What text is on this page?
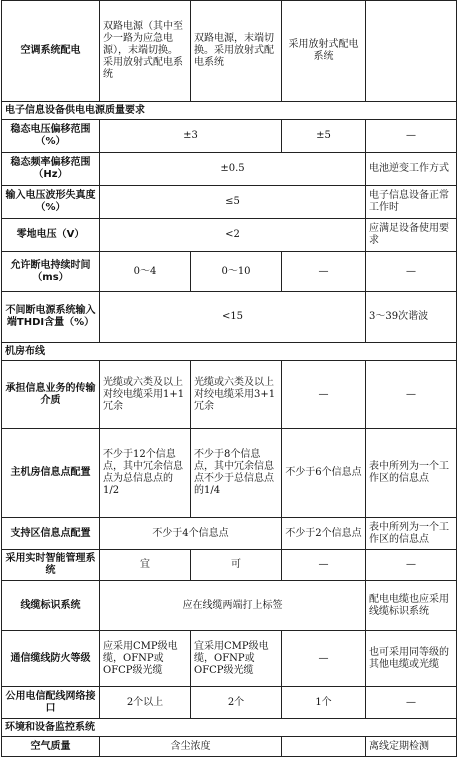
空调系统配电	双路电源（其中至少一路为应急电源），末端切换。采用放射式配电系统	双路电源，末端切换。采用放射式配电系统	采用放射式配电系统	
电子信息设备供电电源质量要求				
稳态电压偏移范围（%）	±3		±5	—
稳态频率偏移范围（Hz）	±0.5			电池逆变工作方式
输入电压波形失真度（%）	≤5			电子信息设备正常工作时
零地电压（V）	<2			应满足设备使用要求
允许断电持续时间（ms）	0～4	0～10	—	—
不间断电源系统输入端THDI含量（%）	<15			3～39次谐波
机房布线				
承担信息业务的传输介质	光缆或六类及以上对绞电缆采用1+1冗余	光缆或六类及以上对绞电缆采用3+1冗余	—	—
主机房信息点配置	不少于12个信息点，其中冗余信息点为总信息点的1/2	不少于8个信息点，其中冗余信息点不少于总信息点的1/4	不少于6个信息点	表中所列为一个工作区的信息点
支持区信息点配置	不少于4个信息点		不少于2个信息点	表中所列为一个工作区的信息点
采用实时智能管理系统	宜	可	—	—
线缆标识系统	应在线缆两端打上标签			配电电缆也应采用线缆标识系统
通信缆线防火等级	应采用CMP级电缆，OFNP或OFCP级光缆	宜采用CMP级电缆，OFNP或OFCP级光缆	—	也可采用同等级的其他电缆或光缆
公用电信配线网络接口	2个以上	2个	1个	—
环境和设备监控系统				
空气质量	含尘浓度			离线定期检测
